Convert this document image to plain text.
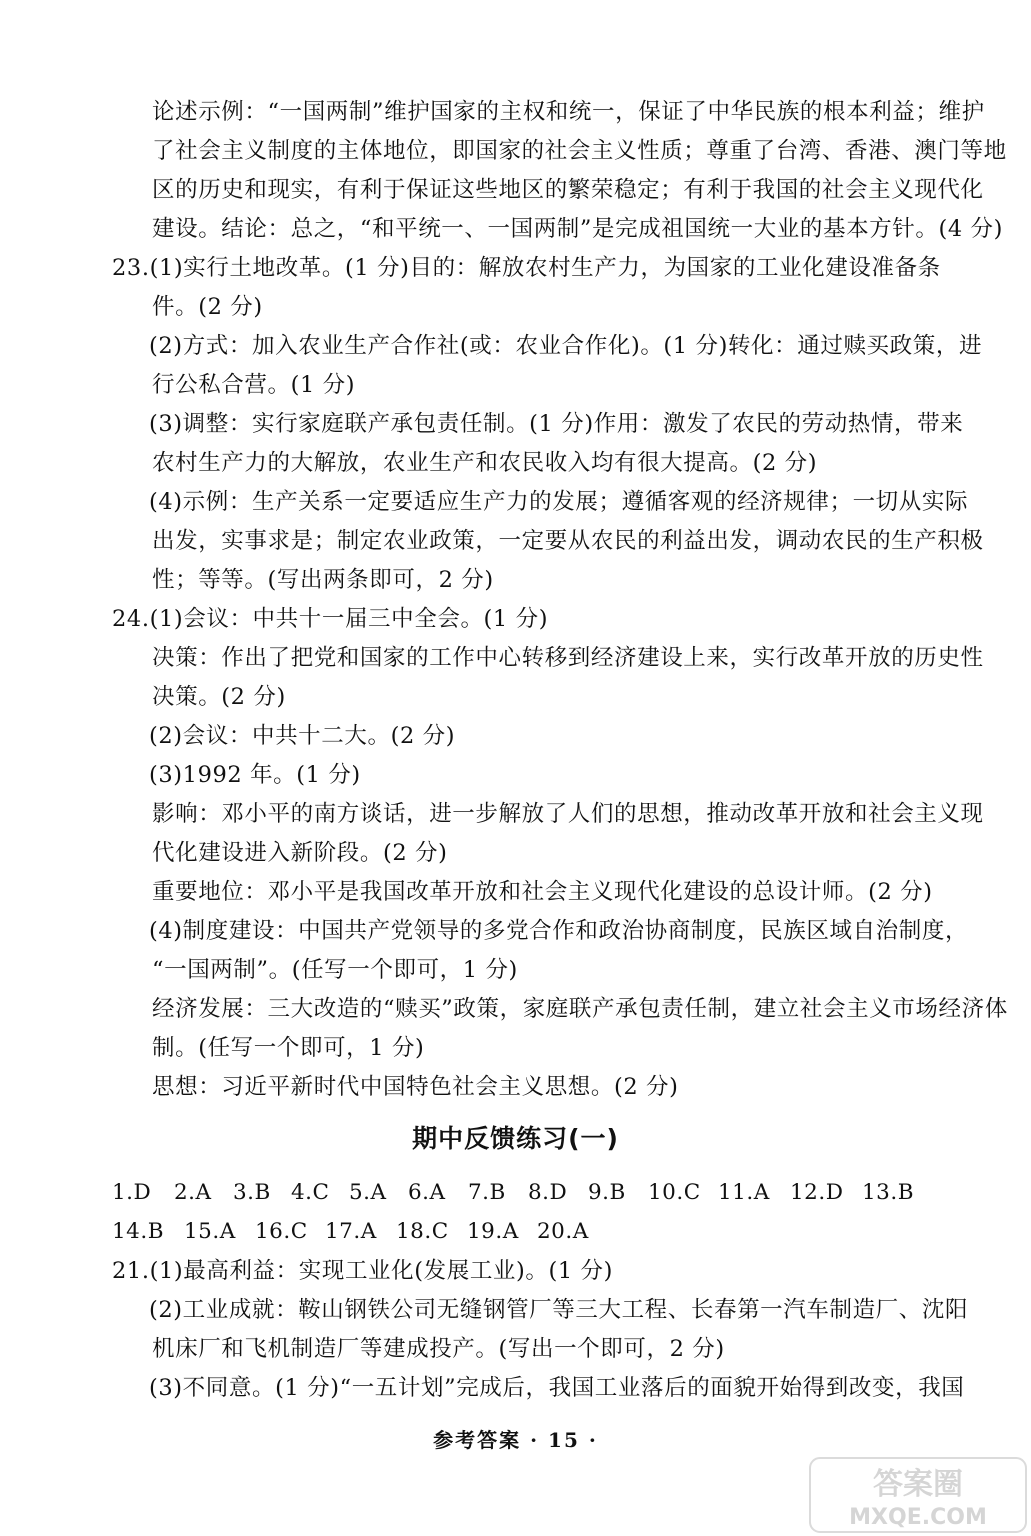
论述示例：“一国两制”维护国家的主权和统一，保证了中华民族的根本利益；维护
了社会主义制度的主体地位，即国家的社会主义性质；尊重了台湾、香港、澳门等地
区的历史和现实，有利于保证这些地区的繁荣稳定；有利于我国的社会主义现代化
建设。结论：总之，“和平统一、一国两制”是完成祖国统一大业的基本方针。(4 分)
23.(1)实行土地改革。(1 分)目的：解放农村生产力，为国家的工业化建设准备条
件。(2 分)
(2)方式：加入农业生产合作社(或：农业合作化)。(1 分)转化：通过赎买政策，进
行公私合营。(1 分)
(3)调整：实行家庭联产承包责任制。(1 分)作用：激发了农民的劳动热情，带来
农村生产力的大解放，农业生产和农民收入均有很大提高。(2 分)
(4)示例：生产关系一定要适应生产力的发展；遵循客观的经济规律；一切从实际
出发，实事求是；制定农业政策，一定要从农民的利益出发，调动农民的生产积极
性；等等。(写出两条即可，2 分)
24.(1)会议：中共十一届三中全会。(1 分)
决策：作出了把党和国家的工作中心转移到经济建设上来，实行改革开放的历史性
决策。(2 分)
(2)会议：中共十二大。(2 分)
(3)1992 年。(1 分)
影响：邓小平的南方谈话，进一步解放了人们的思想，推动改革开放和社会主义现
代化建设进入新阶段。(2 分)
重要地位：邓小平是我国改革开放和社会主义现代化建设的总设计师。(2 分)
(4)制度建设：中国共产党领导的多党合作和政治协商制度，民族区域自治制度，
“一国两制”。(任写一个即可，1 分)
经济发展：三大改造的“赎买”政策，家庭联产承包责任制，建立社会主义市场经济体
制。(任写一个即可，1 分)
思想：习近平新时代中国特色社会主义思想。(2 分)
期中反馈练习(一)
1.D 2.A 3.B 4.C 5.A 6.A 7.B 8.D 9.B 10.C 11.A 12.D 13.B
14.B 15.A 16.C 17.A 18.C 19.A 20.A
21.(1)最高利益：实现工业化(发展工业)。(1 分)
(2)工业成就：鞍山钢铁公司无缝钢管厂等三大工程、长春第一汽车制造厂、沈阳
机床厂和飞机制造厂等建成投产。(写出一个即可，2 分)
(3)不同意。(1 分)“一五计划”完成后，我国工业落后的面貌开始得到改变，我国
参考答案 · 15 ·
答案圈
MXQE.COM
